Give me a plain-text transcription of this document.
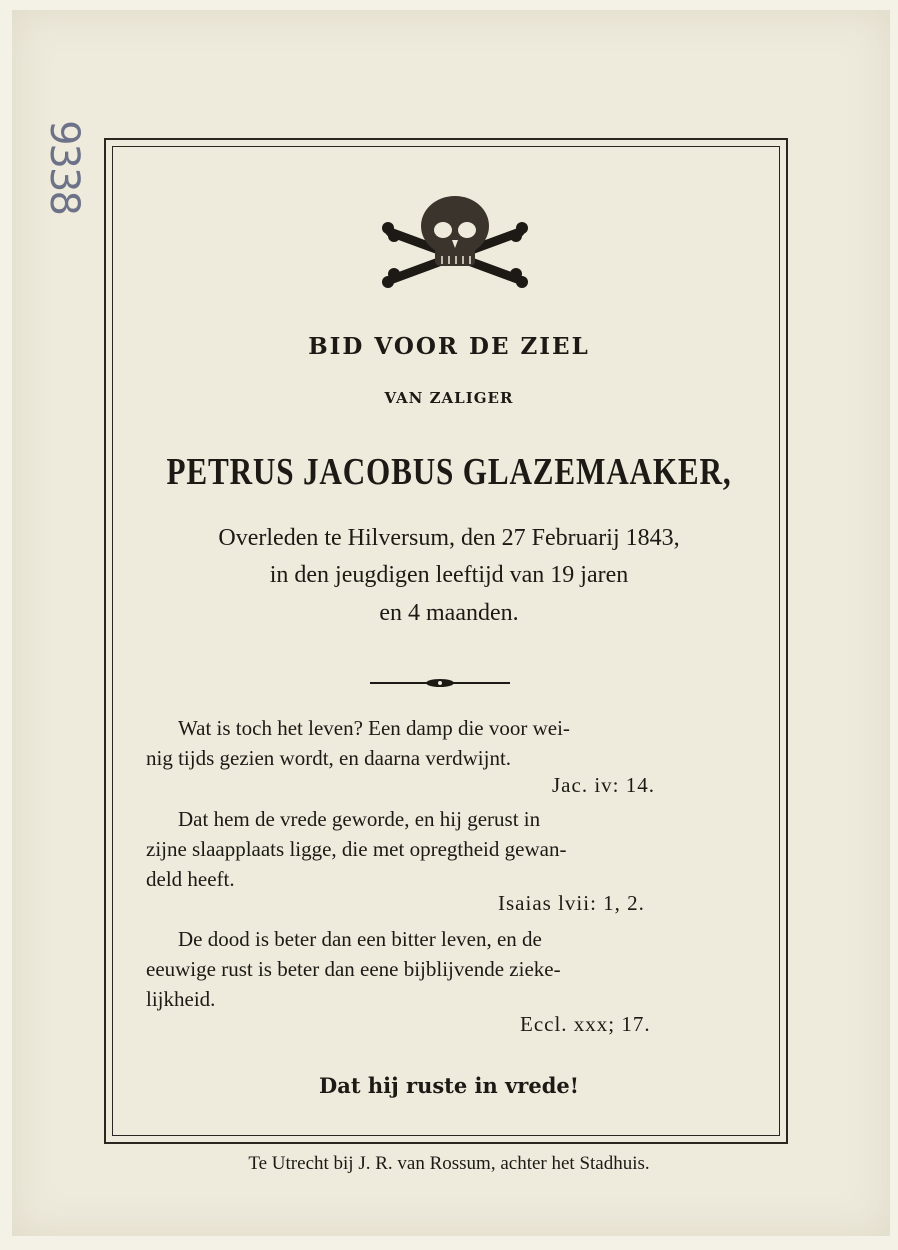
9338
BID VOOR DE ZIEL
VAN ZALIGER
PETRUS JACOBUS GLAZEMAAKER,
Overleden te Hilversum, den 27 Februarij 1843,
in den jeugdigen leeftijd van 19 jaren
en 4 maanden.
Wat is toch het leven? Een damp die voor wei-
nig tijds gezien wordt, en daarna verdwijnt.
Jac. iv: 14.
Dat hem de vrede geworde, en hij gerust in
zijne slaapplaats ligge, die met opregtheid gewan-
deld heeft.
Isaias lvii: 1, 2.
De dood is beter dan een bitter leven, en de
eeuwige rust is beter dan eene bijblijvende zieke-
lijkheid.
Eccl. xxx; 17.
Dat hij ruste in vrede!
Te Utrecht bij J. R. van Rossum, achter het Stadhuis.
